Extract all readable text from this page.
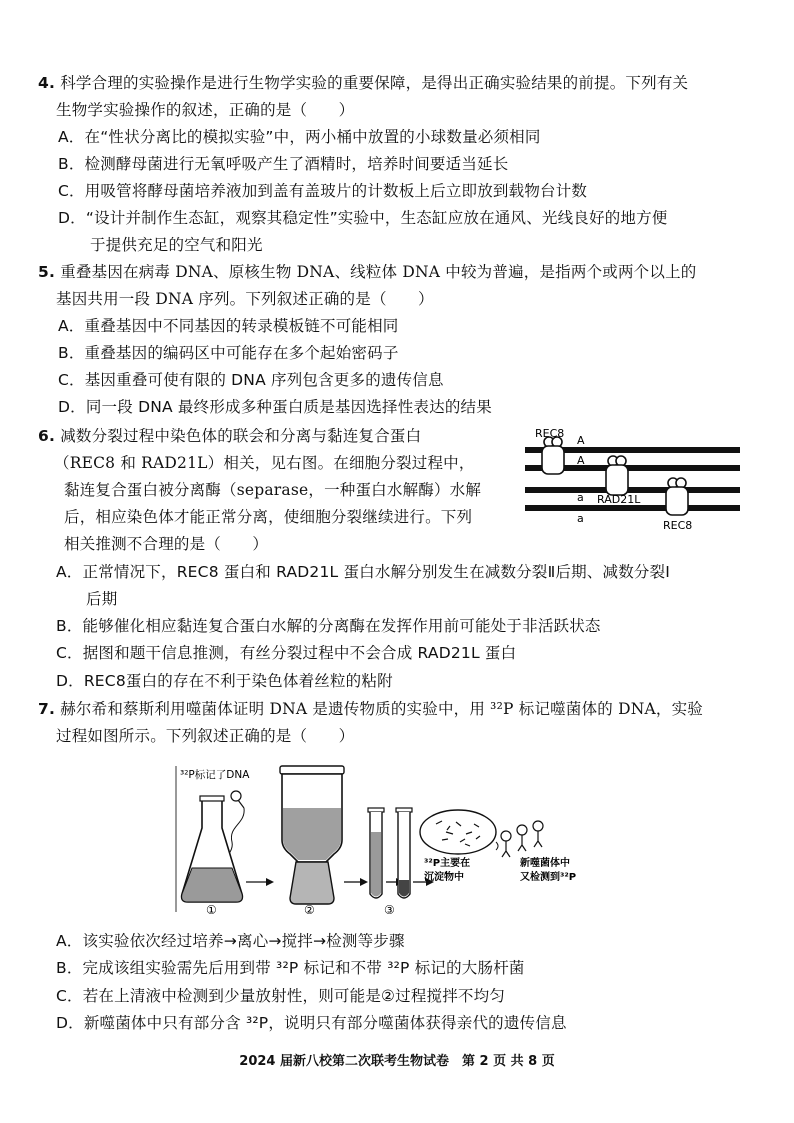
4. 科学合理的实验操作是进行生物学实验的重要保障，是得出正确实验结果的前提。下列有关
生物学实验操作的叙述，正确的是（　　）
A．在“性状分离比的模拟实验”中，两小桶中放置的小球数量必须相同
B．检测酵母菌进行无氧呼吸产生了酒精时，培养时间要适当延长
C．用吸管将酵母菌培养液加到盖有盖玻片的计数板上后立即放到载物台计数
D．“设计并制作生态缸，观察其稳定性”实验中，生态缸应放在通风、光线良好的地方便
于提供充足的空气和阳光
5. 重叠基因在病毒 DNA、原核生物 DNA、线粒体 DNA 中较为普遍，是指两个或两个以上的
基因共用一段 DNA 序列。下列叙述正确的是（　　）
A．重叠基因中不同基因的转录模板链不可能相同
B．重叠基因的编码区中可能存在多个起始密码子
C．基因重叠可使有限的 DNA 序列包含更多的遗传信息
D．同一段 DNA 最终形成多种蛋白质是基因选择性表达的结果
6. 减数分裂过程中染色体的联会和分离与黏连复合蛋白
（REC8 和 RAD21L）相关，见右图。在细胞分裂过程中，
黏连复合蛋白被分离酶（separase，一种蛋白水解酶）水解
后，相应染色体才能正常分离，使细胞分裂继续进行。下列
相关推测不合理的是（　　）
REC8
A
A
a
a
RAD21L
REC8
A．正常情况下，REC8 蛋白和 RAD21L 蛋白水解分别发生在减数分裂Ⅱ后期、减数分裂Ⅰ
后期
B．能够催化相应黏连复合蛋白水解的分离酶在发挥作用前可能处于非活跃状态
C．据图和题干信息推测，有丝分裂过程中不会合成 RAD21L 蛋白
D．REC8蛋白的存在不利于染色体着丝粒的粘附
7. 赫尔希和蔡斯利用噬菌体证明 DNA 是遗传物质的实验中，用 ³²P 标记噬菌体的 DNA，实验
过程如图所示。下列叙述正确的是（　　）
³²P标记了DNA
³²P主要在
沉淀物中
新噬菌体中
又检测到³²P
①	②	③
A．该实验依次经过培养→离心→搅拌→检测等步骤
B．完成该组实验需先后用到带 ³²P 标记和不带 ³²P 标记的大肠杆菌
C．若在上清液中检测到少量放射性，则可能是②过程搅拌不均匀
D．新噬菌体中只有部分含 ³²P，说明只有部分噬菌体获得亲代的遗传信息
2024 届新八校第二次联考生物试卷　第 2 页 共 8 页
